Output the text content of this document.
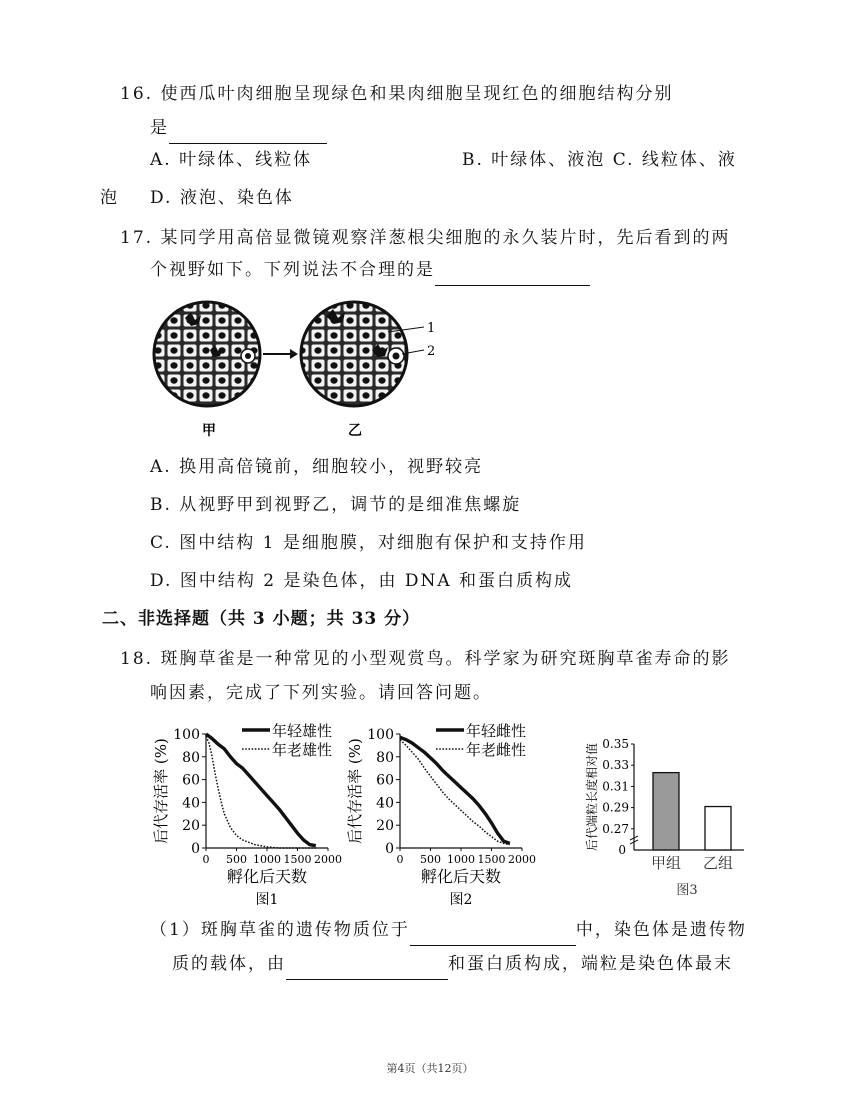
16. 使西瓜叶肉细胞呈现绿色和果肉细胞呈现红色的细胞结构分别
是
A. 叶绿体、线粒体	B. 叶绿体、液泡 C. 线粒体、液
泡 D. 液泡、染色体
17. 某同学用高倍显微镜观察洋葱根尖细胞的永久装片时，先后看到的两
个视野如下。下列说法不合理的是
1
2
甲	乙
A. 换用高倍镜前，细胞较小，视野较亮
B. 从视野甲到视野乙，调节的是细准焦螺旋
C. 图中结构 1 是细胞膜，对细胞有保护和支持作用
D. 图中结构 2 是染色体，由 DNA 和蛋白质构成
二、非选择题（共 3 小题；共 33 分）
18. 斑胸草雀是一种常见的小型观赏鸟。科学家为研究斑胸草雀寿命的影
响因素，完成了下列实验。请回答问题。
0
20
40
60
80
100
0 500 1000 1500 2000
年轻雄性
年老雄性
后代存活率 (%)
孵化后天数
图1
0
20
40
60
80
100
0 500 1000 1500 2000
年轻雌性
年老雌性
后代存活率 (%)
孵化后天数
图2
0.27
0.29
0.31
0.33
0.35
0
甲组 乙组
后代端粒长度相对值
图3
（1）斑胸草雀的遗传物质位于	中，染色体是遗传物
质的载体，由	和蛋白质构成，端粒是染色体最末
第4页（共12页）
